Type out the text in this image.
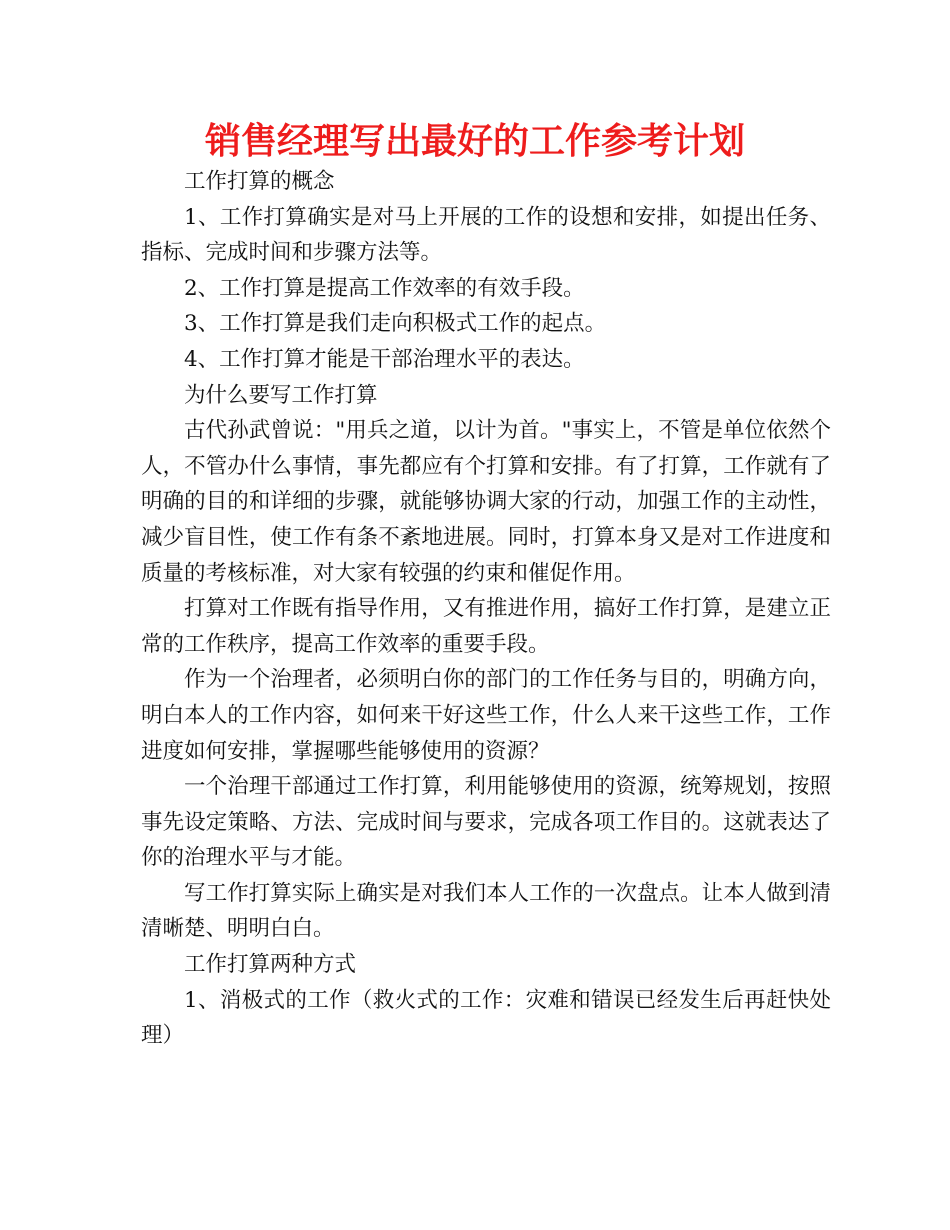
销售经理写出最好的工作参考计划

工作打算的概念

1、工作打算确实是对马上开展的工作的设想和安排，如提出任务、指标、完成时间和步骤方法等。

2、工作打算是提高工作效率的有效手段。

3、工作打算是我们走向积极式工作的起点。

4、工作打算才能是干部治理水平的表达。

为什么要写工作打算

古代孙武曾说："用兵之道，以计为首。"事实上，不管是单位依然个人，不管办什么事情，事先都应有个打算和安排。有了打算，工作就有了明确的目的和详细的步骤，就能够协调大家的行动，加强工作的主动性，减少盲目性，使工作有条不紊地进展。同时，打算本身又是对工作进度和质量的考核标准，对大家有较强的约束和催促作用。

打算对工作既有指导作用，又有推进作用，搞好工作打算，是建立正常的工作秩序，提高工作效率的重要手段。

作为一个治理者，必须明白你的部门的工作任务与目的，明确方向，明白本人的工作内容，如何来干好这些工作，什么人来干这些工作，工作进度如何安排，掌握哪些能够使用的资源？

一个治理干部通过工作打算，利用能够使用的资源，统筹规划，按照事先设定策略、方法、完成时间与要求，完成各项工作目的。这就表达了你的治理水平与才能。

写工作打算实际上确实是对我们本人工作的一次盘点。让本人做到清清晰楚、明明白白。

工作打算两种方式

1、消极式的工作（救火式的工作：灾难和错误已经发生后再赶快处理）
